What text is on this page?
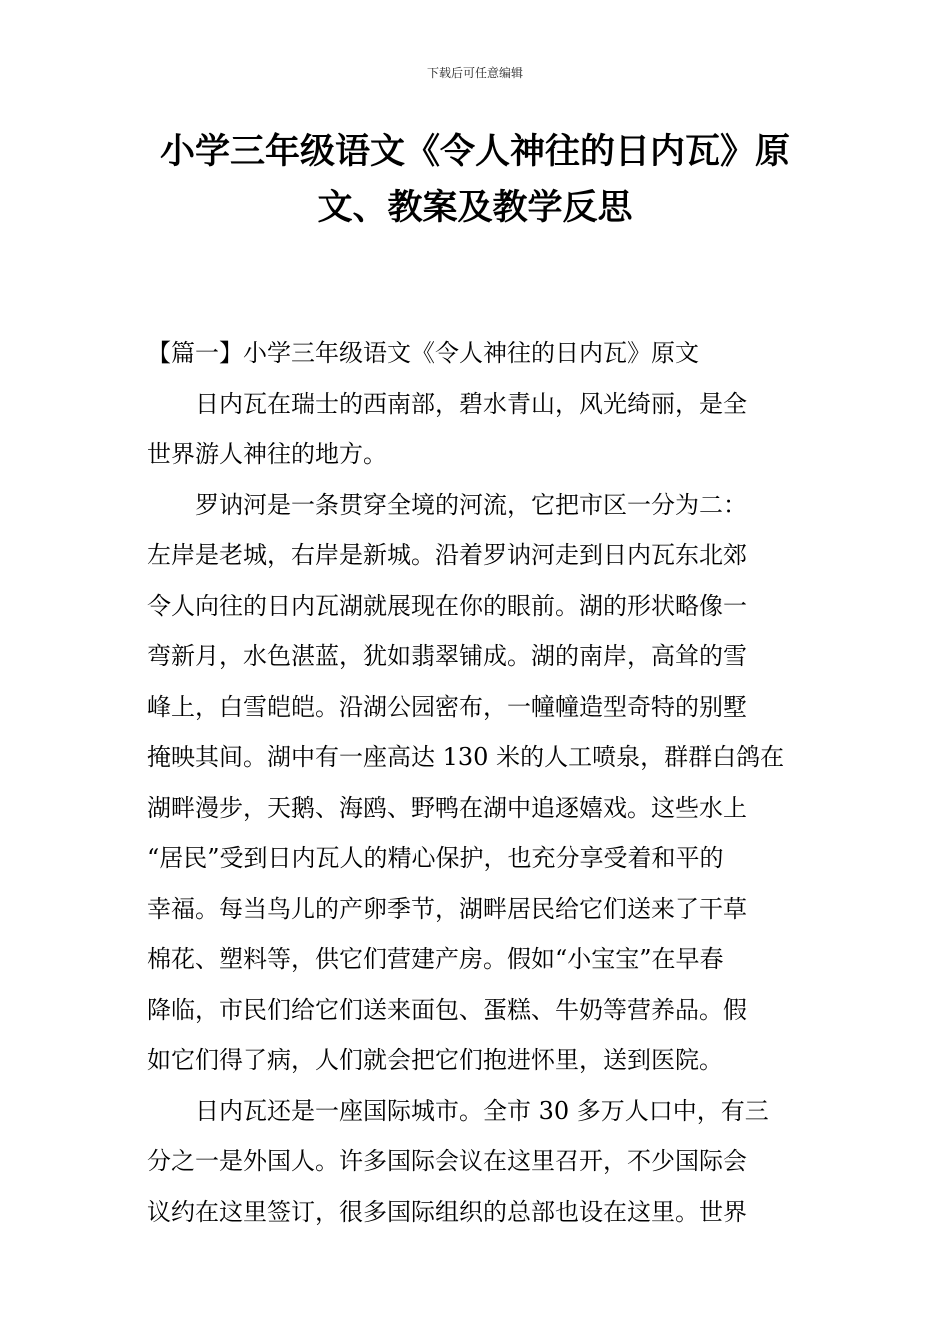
下载后可任意编辑
小学三年级语文《令人神往的日内瓦》原
文、教案及教学反思
【篇一】小学三年级语文《令人神往的日内瓦》原文
日内瓦在瑞士的西南部，碧水青山，风光绮丽，是全
世界游人神往的地方。
罗讷河是一条贯穿全境的河流，它把市区一分为二：
左岸是老城，右岸是新城。沿着罗讷河走到日内瓦东北郊
令人向往的日内瓦湖就展现在你的眼前。湖的形状略像一
弯新月，水色湛蓝，犹如翡翠铺成。湖的南岸，高耸的雪
峰上，白雪皑皑。沿湖公园密布，一幢幢造型奇特的别墅
掩映其间。湖中有一座高达 130 米的人工喷泉，群群白鸽在
湖畔漫步，天鹅、海鸥、野鸭在湖中追逐嬉戏。这些水上
“居民”受到日内瓦人的精心保护，也充分享受着和平的
幸福。每当鸟儿的产卵季节，湖畔居民给它们送来了干草
棉花、塑料等，供它们营建产房。假如“小宝宝”在早春
降临，市民们给它们送来面包、蛋糕、牛奶等营养品。假
如它们得了病，人们就会把它们抱进怀里，送到医院。
日内瓦还是一座国际城市。全市 30 多万人口中，有三
分之一是外国人。许多国际会议在这里召开，不少国际会
议约在这里签订，很多国际组织的总部也设在这里。世界
